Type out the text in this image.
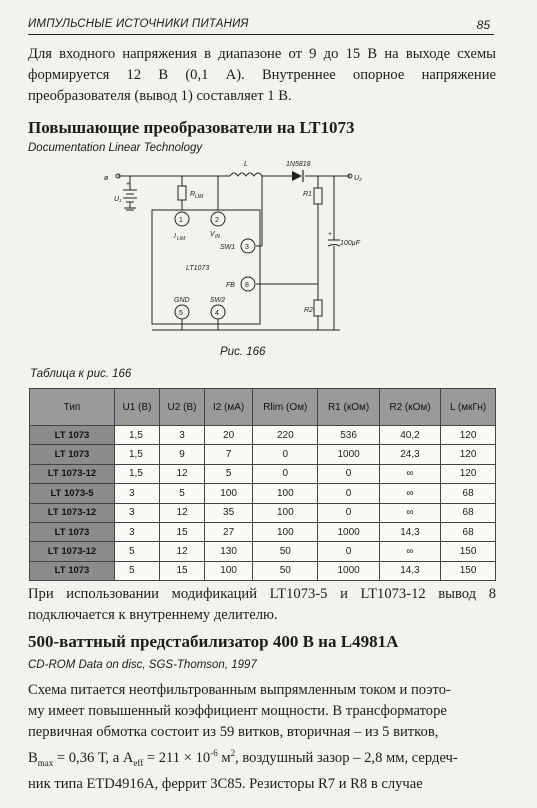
ИМПУЛЬСНЫЕ ИСТОЧНИКИ ПИТАНИЯ	85
Для входного напряжения в диапазоне от 9 до 15 В на выходе схемы формируется 12 В (0,1 А). Внутреннее опорное напряжение преобразователя (вывод 1) составляет 1 В.
Повышающие преобразователи на LT1073
Documentation Linear Technology
1	2
3
8
5	4
ø
U₁
+
U₂
L	1N5818
R1
R2
R LIM
100µF
+
LT1073
I LIM
V IN
SW1
FB
GND	SW2
Рис. 166
Таблица к рис. 166
Тип	U1 (В)	U2 (В)	I2 (мА)	Rlim (Ом)	R1 (кОм)	R2 (кОм)	L (мкГн)
LT 1073	1,5	3	20	220	536	40,2	120
LT 1073	1,5	9	7	0	1000	24,3	120
LT 1073-12	1,5	12	5	0	0	∞	120
LT 1073-5	3	5	100	100	0	∞	68
LT 1073-12	3	12	35	100	0	∞	68
LT 1073	3	15	27	100	1000	14,3	68
LT 1073-12	5	12	130	50	0	∞	150
LT 1073	5	15	100	50	1000	14,3	150
При использовании модификаций LT1073-5 и LT1073-12 вывод 8 подключается к внутреннему делителю.
500-ваттный предстабилизатор 400 В на L4981A
CD-ROM Data on disc, SGS-Thomson, 1997
Схема питается неотфильтрованным выпрямленным током и поэто-
му имеет повышенный коэффициент мощности. В трансформаторе
первичная обмотка состоит из 59 витков, вторичная – из 5 витков,
$B_{max} = 0,36$ Т, а $A_{eff} = 211 \times 10^{-6}$ $м^2$, воздушный зазор – 2,8 мм, сердеч-
ник типа ETD4916A, феррит 3C85. Резисторы R7 и R8 в случае
